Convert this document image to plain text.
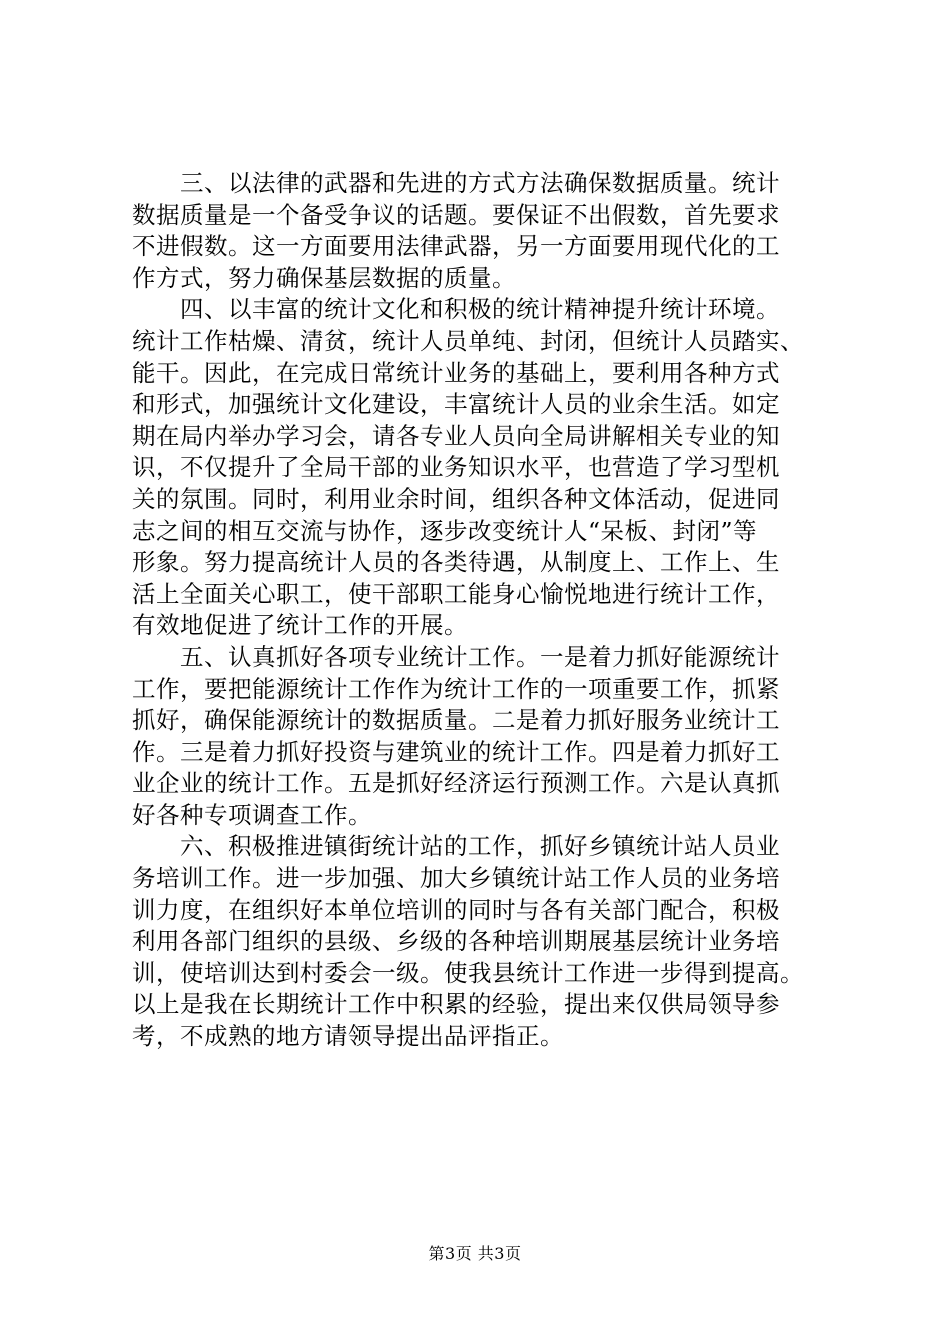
三、以法律的武器和先进的方式方法确保数据质量。统计
数据质量是一个备受争议的话题。要保证不出假数，首先要求
不进假数。这一方面要用法律武器，另一方面要用现代化的工
作方式，努力确保基层数据的质量。
四、以丰富的统计文化和积极的统计精神提升统计环境。
统计工作枯燥、清贫，统计人员单纯、封闭，但统计人员踏实、
能干。因此，在完成日常统计业务的基础上，要利用各种方式
和形式，加强统计文化建设，丰富统计人员的业余生活。如定
期在局内举办学习会，请各专业人员向全局讲解相关专业的知
识，不仅提升了全局干部的业务知识水平，也营造了学习型机
关的氛围。同时，利用业余时间，组织各种文体活动，促进同
志之间的相互交流与协作，逐步改变统计人“呆板、封闭”等
形象。努力提高统计人员的各类待遇，从制度上、工作上、生
活上全面关心职工，使干部职工能身心愉悦地进行统计工作，
有效地促进了统计工作的开展。
五、认真抓好各项专业统计工作。一是着力抓好能源统计
工作，要把能源统计工作作为统计工作的一项重要工作，抓紧
抓好，确保能源统计的数据质量。二是着力抓好服务业统计工
作。三是着力抓好投资与建筑业的统计工作。四是着力抓好工
业企业的统计工作。五是抓好经济运行预测工作。六是认真抓
好各种专项调查工作。
六、积极推进镇街统计站的工作，抓好乡镇统计站人员业
务培训工作。进一步加强、加大乡镇统计站工作人员的业务培
训力度，在组织好本单位培训的同时与各有关部门配合，积极
利用各部门组织的县级、乡级的各种培训期展基层统计业务培
训，使培训达到村委会一级。使我县统计工作进一步得到提高。
以上是我在长期统计工作中积累的经验，提出来仅供局领导参
考，不成熟的地方请领导提出品评指正。
第3页 共3页
